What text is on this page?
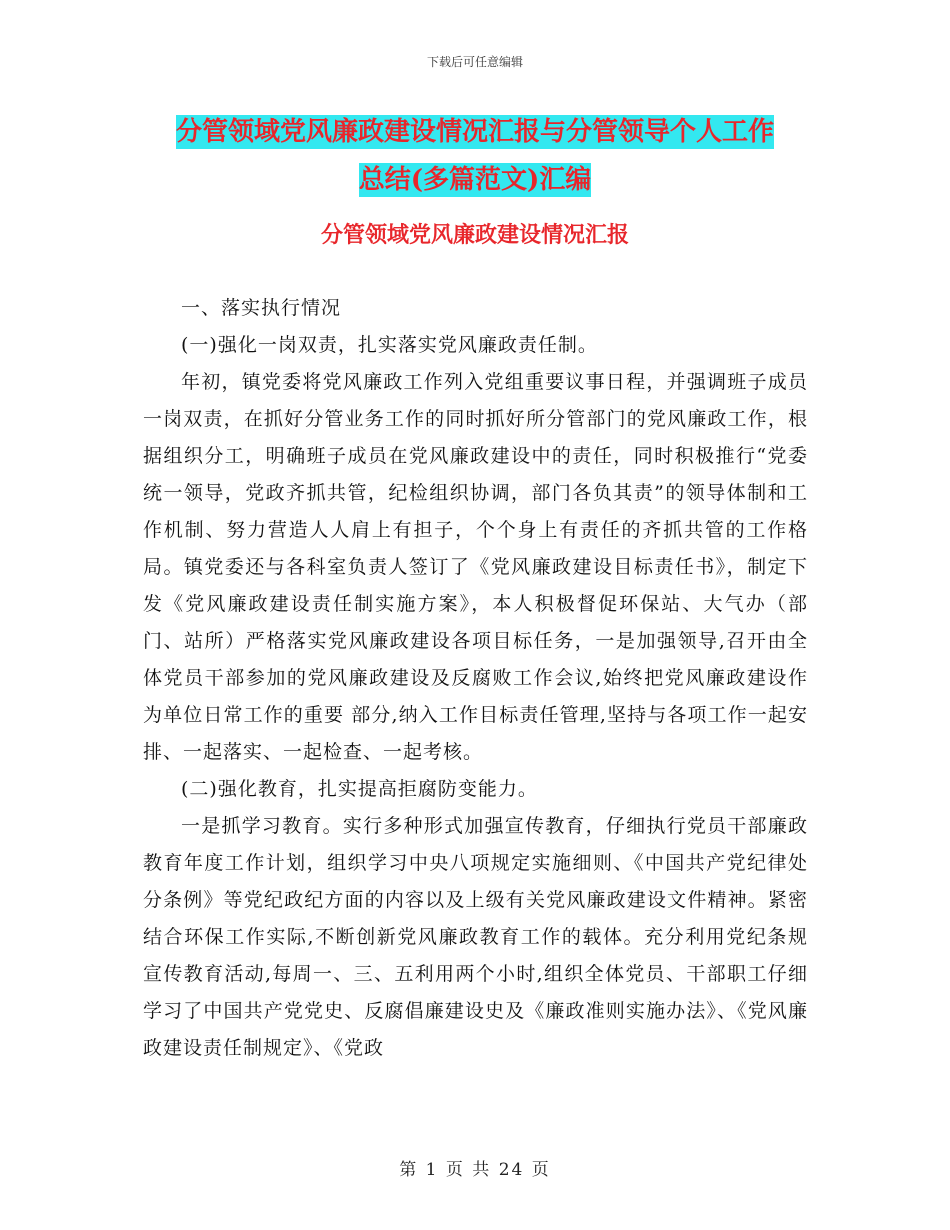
下载后可任意编辑
分管领域党风廉政建设情况汇报与分管领导个人工作
总结(多篇范文)汇编
分管领域党风廉政建设情况汇报

一、落实执行情况

(一)强化一岗双责，扎实落实党风廉政责任制。

年初，镇党委将党风廉政工作列入党组重要议事日程，并强调班子成员一岗双责，在抓好分管业务工作的同时抓好所分管部门的党风廉政工作，根据组织分工，明确班子成员在党风廉政建设中的责任，同时积极推行“党委统一领导，党政齐抓共管，纪检组织协调，部门各负其责”的领导体制和工作机制、努力营造人人肩上有担子，个个身上有责任的齐抓共管的工作格局。镇党委还与各科室负责人签订了《党风廉政建设目标责任书》，制定下发《党风廉政建设责任制实施方案》，本人积极督促环保站、大气办（部门、站所）严格落实党风廉政建设各项目标任务，一是加强领导,召开由全体党员干部参加的党风廉政建设及反腐败工作会议,始终把党风廉政建设作为单位日常工作的重要 部分,纳入工作目标责任管理,坚持与各项工作一起安排、一起落实、一起检查、一起考核。

(二)强化教育，扎实提高拒腐防变能力。

一是抓学习教育。实行多种形式加强宣传教育，仔细执行党员干部廉政教育年度工作计划，组织学习中央八项规定实施细则、《中国共产党纪律处分条例》等党纪政纪方面的内容以及上级有关党风廉政建设文件精神。紧密结合环保工作实际,不断创新党风廉政教育工作的载体。充分利用党纪条规宣传教育活动,每周一、三、五利用两个小时,组织全体党员、干部职工仔细学习了中国共产党党史、反腐倡廉建设史及《廉政准则实施办法》、《党风廉政建设责任制规定》、《党政

第 1 页 共 24 页
